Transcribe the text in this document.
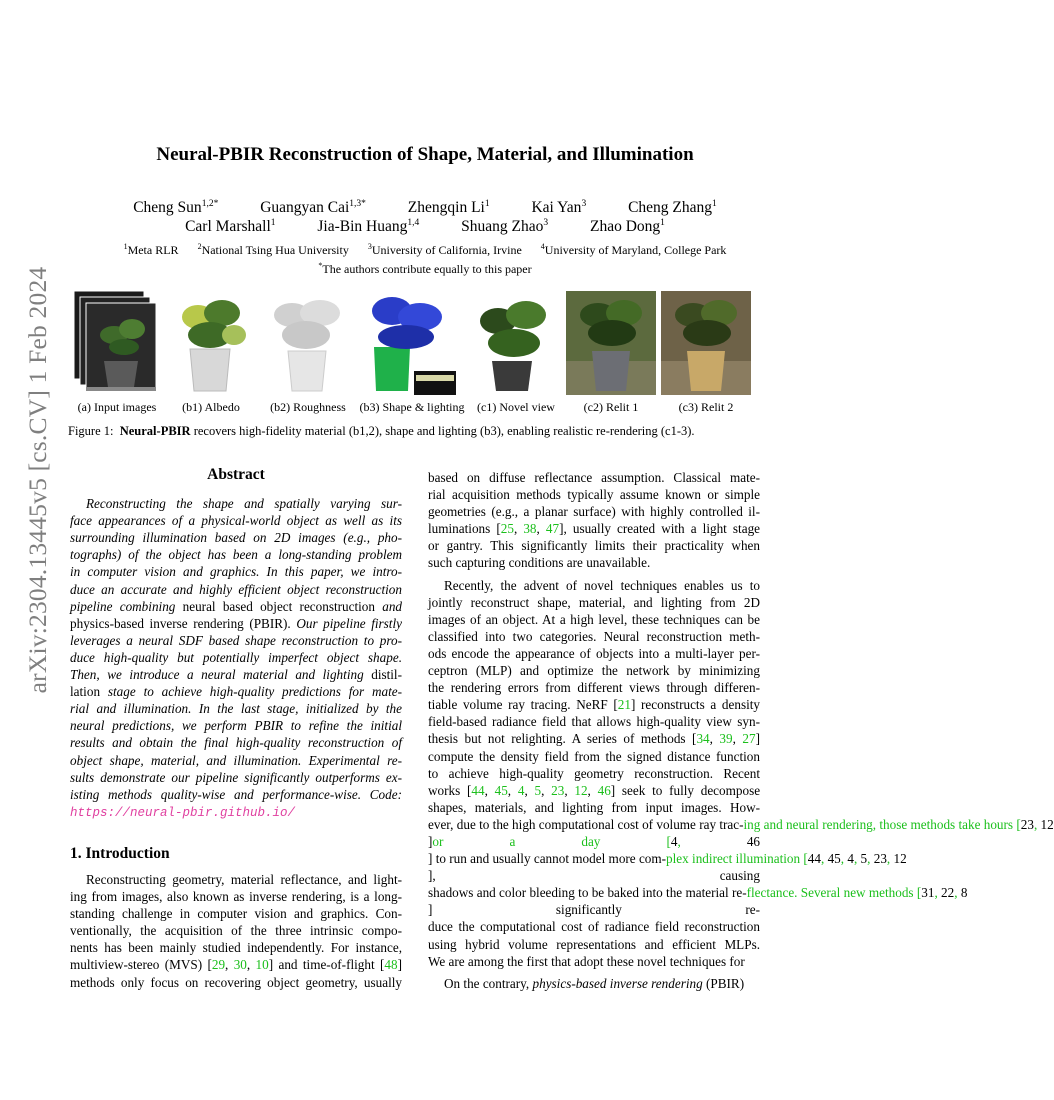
arXiv:2304.13445v5 [cs.CV] 1 Feb 2024
Neural-PBIR Reconstruction of Shape, Material, and Illumination
Cheng Sun$^{1,2*}$	Guangyan Cai$^{1,3*}$	Zhengqin Li$^1$	Kai Yan$^3$	Cheng Zhang$^1$
Carl Marshall$^1$	Jia-Bin Huang$^{1,4}$	Shuang Zhao$^3$	Zhao Dong$^1$
$^1$Meta RLR $^2$National Tsing Hua University $^3$University of California, Irvine $^4$University of Maryland, College Park
*The authors contribute equally to this paper
(a) Input images	(b1) Albedo	(b2) Roughness	(b3) Shape & lighting	(c1) Novel view	(c2) Relit 1	(c3) Relit 2
Figure 1: Neural-PBIR recovers high-fidelity material (b1,2), shape and lighting (b3), enabling realistic re-rendering (c1-3).
Abstract
Reconstructing the shape and spatially varying sur-
face appearances of a physical-world object as well as its
surrounding illumination based on 2D images (e.g., pho-
tographs) of the object has been a long-standing problem
in computer vision and graphics. In this paper, we intro-
duce an accurate and highly efficient object reconstruction
pipeline combining neural based object reconstruction and
physics-based inverse rendering (PBIR). Our pipeline firstly
leverages a neural SDF based shape reconstruction to pro-
duce high-quality but potentially imperfect object shape.
Then, we introduce a neural material and lighting distil-
lation stage to achieve high-quality predictions for mate-
rial and illumination. In the last stage, initialized by the
neural predictions, we perform PBIR to refine the initial
results and obtain the final high-quality reconstruction of
object shape, material, and illumination. Experimental re-
sults demonstrate our pipeline significantly outperforms ex-
isting methods quality-wise and performance-wise. Code:
https://neural-pbir.github.io/
1. Introduction
Reconstructing geometry, material reflectance, and light-
ing from images, also known as inverse rendering, is a long-
standing challenge in computer vision and graphics. Con-
ventionally, the acquisition of the three intrinsic compo-
nents has been mainly studied independently. For instance,
multiview-stereo (MVS) [29, 30, 10] and time-of-flight [48]
methods only focus on recovering object geometry, usually
based on diffuse reflectance assumption. Classical mate-
rial acquisition methods typically assume known or simple
geometries (e.g., a planar surface) with highly controlled il-
luminations [25, 38, 47], usually created with a light stage
or gantry. This significantly limits their practicality when
such capturing conditions are unavailable.
Recently, the advent of novel techniques enables us to
jointly reconstruct shape, material, and lighting from 2D
images of an object. At a high level, these techniques can be
classified into two categories. Neural reconstruction meth-
ods encode the appearance of objects into a multi-layer per-
ceptron (MLP) and optimize the network by minimizing
the rendering errors from different views through differen-
tiable volume ray tracing. NeRF [21] reconstructs a density
field-based radiance field that allows high-quality view syn-
thesis but not relighting. A series of methods [34, 39, 27]
compute the density field from the signed distance function
to achieve high-quality geometry reconstruction. Recent
works [44, 45, 4, 5, 23, 12, 46] seek to fully decompose
shapes, materials, and lighting from input images. How-
ever, due to the high computational cost of volume ray trac-ing and neural rendering, those methods take hours [23, 12
]or a day [4, 46
] to run and usually cannot model more com-plex indirect illumination [44, 45, 4, 5, 23, 12
], causing
shadows and color bleeding to be baked into the material re-flectance. Several new methods [31, 22, 8
] significantly re-
duce the computational cost of radiance field reconstruction
using hybrid volume representations and efficient MLPs.
We are among the first that adopt these novel techniques for
On the contrary, physics-based inverse rendering (PBIR)
